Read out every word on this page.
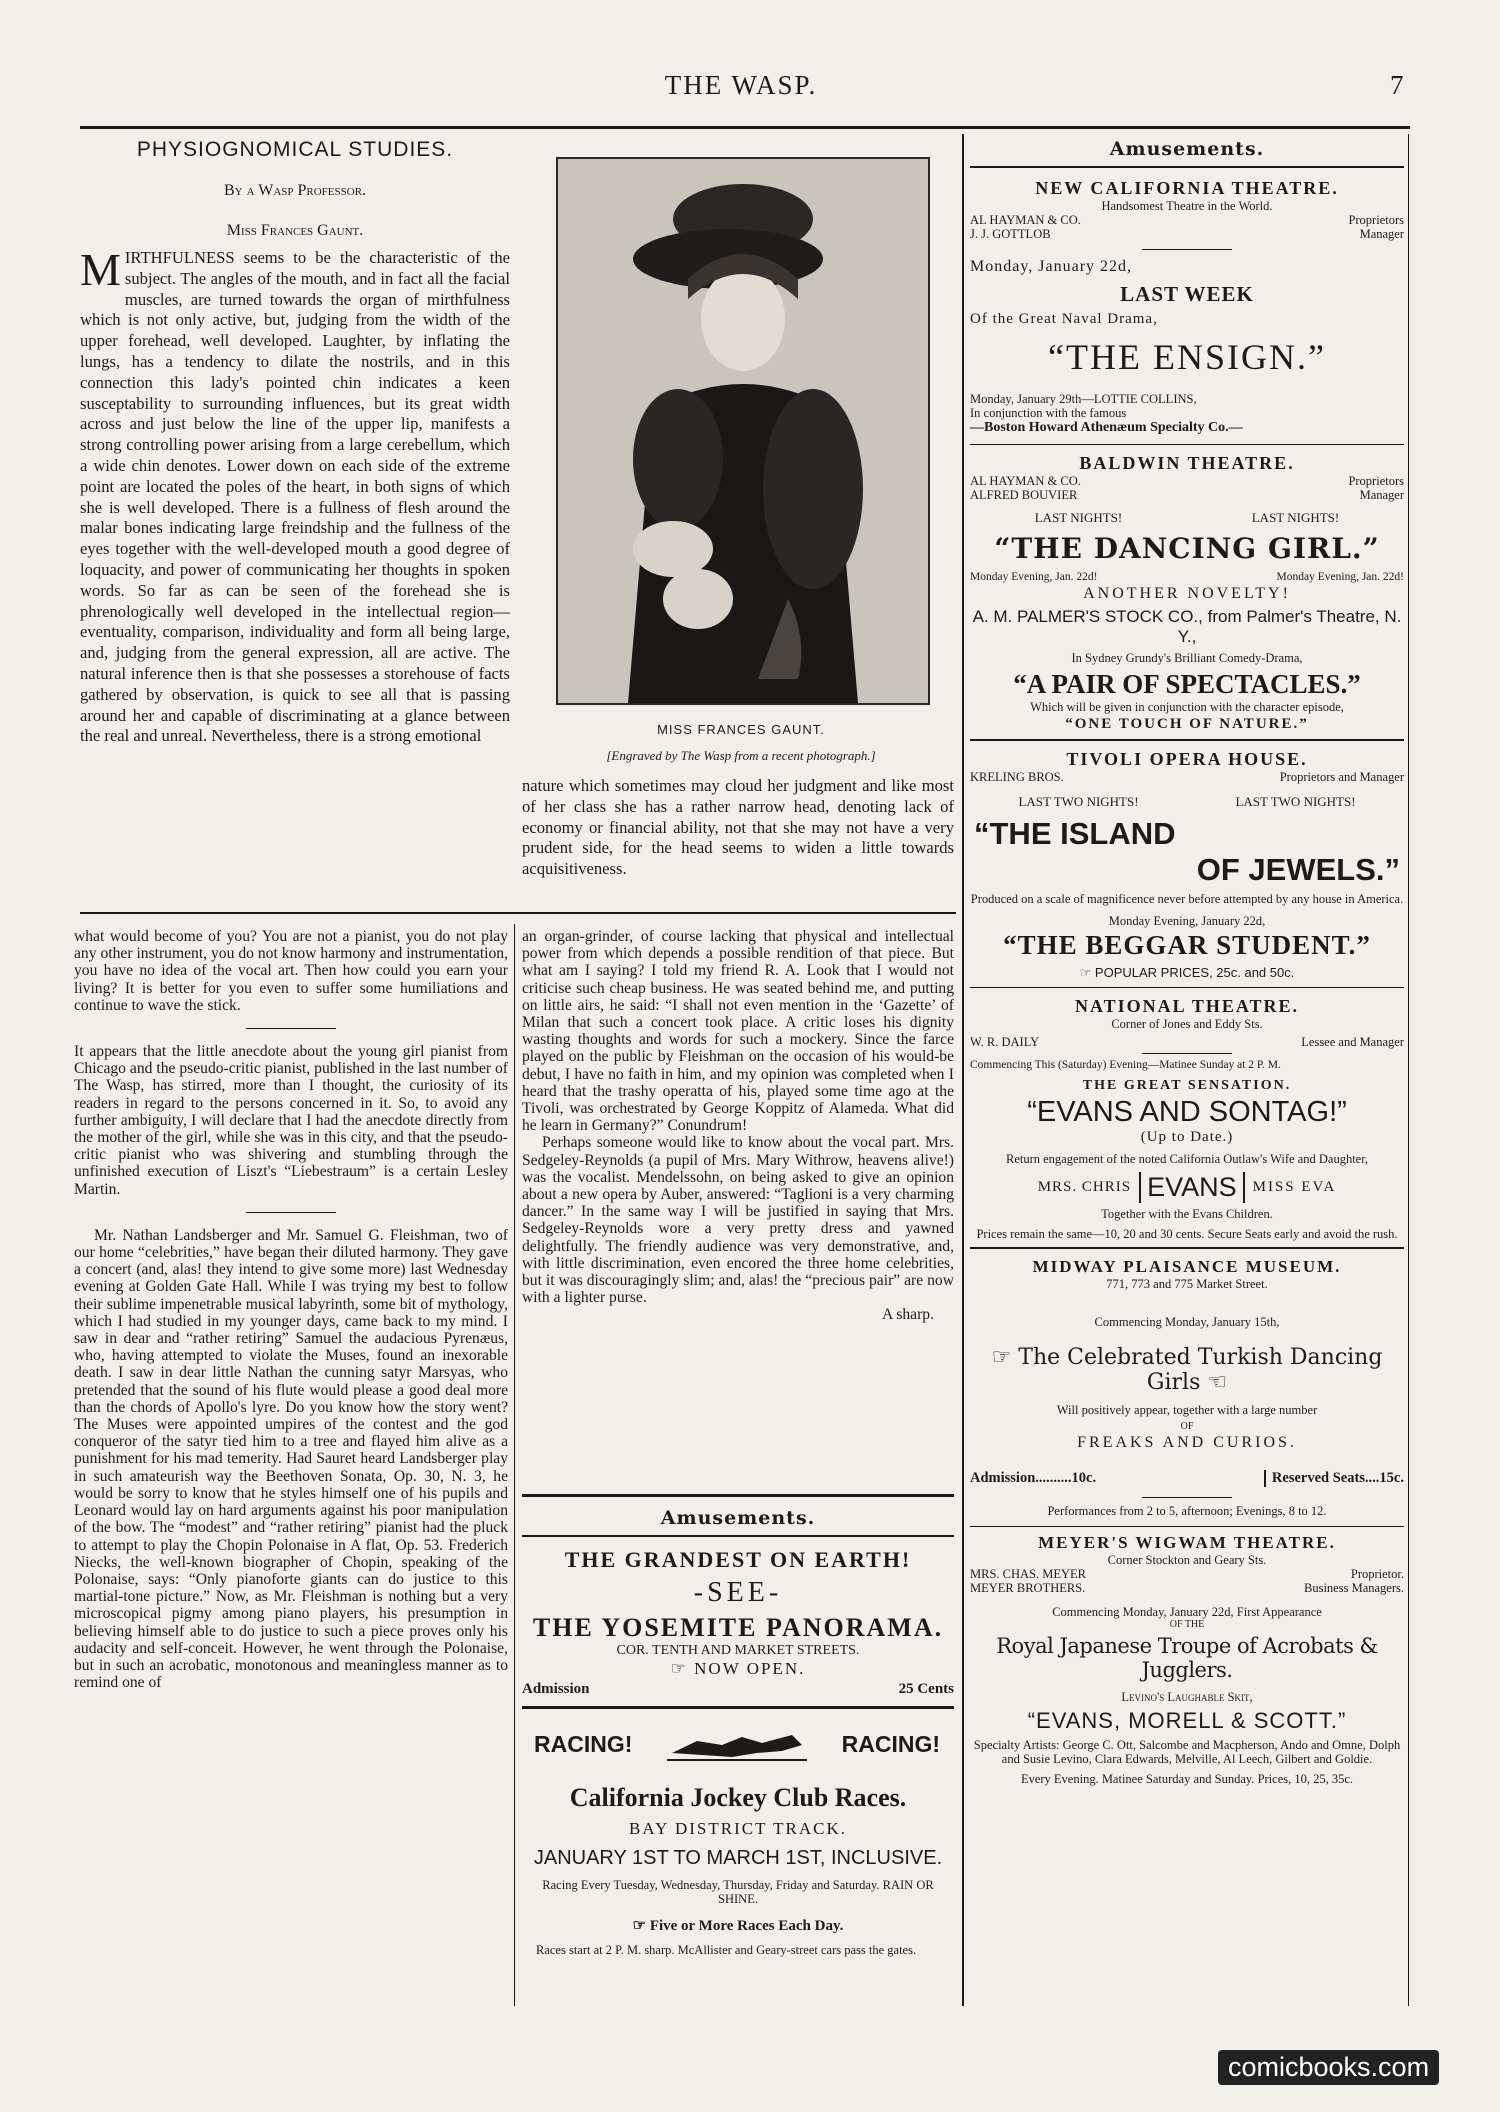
THE WASP.	7
PHYSIOGNOMICAL STUDIES.
By a Wasp Professor.
Miss Frances Gaunt.

MIRTHFULNESS seems to be the characteristic of the subject. The angles of the mouth, and in fact all the facial muscles, are turned towards the organ of mirthfulness which is not only active, but, judging from the width of the upper forehead, well developed. Laughter, by inflating the lungs, has a tendency to dilate the nostrils, and in this connection this lady's pointed chin indicates a keen susceptability to surrounding influences, but its great width across and just below the line of the upper lip, manifests a strong controlling power arising from a large cerebellum, which a wide chin denotes. Lower down on each side of the extreme point are located the poles of the heart, in both signs of which she is well developed. There is a fullness of flesh around the malar bones indicating large freindship and the fullness of the eyes together with the well-developed mouth a good degree of loquacity, and power of communicating her thoughts in spoken words. So far as can be seen of the forehead she is phrenologically well developed in the intellectual region—eventuality, comparison, individuality and form all being large, and, judging from the general expression, all are active. The natural inference then is that she possesses a storehouse of facts gathered by observation, is quick to see all that is passing around her and capable of discriminating at a glance between the real and unreal. Nevertheless, there is a strong emotional	MISS FRANCES GAUNT.
[Engraved by The Wasp from a recent photograph.]
nature which sometimes may cloud her judgment and like most of her class she has a rather narrow head, denoting lack of economy or financial ability, not that she may not have a very prudent side, for the head seems to widen a little towards acquisitiveness.

what would become of you? You are not a pianist, you do not play any other instrument, you do not know harmony and instrumentation, you have no idea of the vocal art. Then how could you earn your living? It is better for you even to suffer some humiliations and continue to wave the stick.

It appears that the little anecdote about the young girl pianist from Chicago and the pseudo-critic pianist, published in the last number of The Wasp, has stirred, more than I thought, the curiosity of its readers in regard to the persons concerned in it. So, to avoid any further ambiguity, I will declare that I had the anecdote directly from the mother of the girl, while she was in this city, and that the pseudo-critic pianist who was shivering and stumbling through the unfinished execution of Liszt's “Liebestraum” is a certain Lesley Martin.

Mr. Nathan Landsberger and Mr. Samuel G. Fleishman, two of our home “celebrities,” have began their diluted harmony. They gave a concert (and, alas! they intend to give some more) last Wednesday evening at Golden Gate Hall. While I was trying my best to follow their sublime impenetrable musical labyrinth, some bit of mythology, which I had studied in my younger days, came back to my mind. I saw in dear and “rather retiring” Samuel the audacious Pyrenæus, who, having attempted to violate the Muses, found an inexorable death. I saw in dear little Nathan the cunning satyr Marsyas, who pretended that the sound of his flute would please a good deal more than the chords of Apollo's lyre. Do you know how the story went? The Muses were appointed umpires of the contest and the god conqueror of the satyr tied him to a tree and flayed him alive as a punishment for his mad temerity. Had Sauret heard Landsberger play in such amateurish way the Beethoven Sonata, Op. 30, N. 3, he would be sorry to know that he styles himself one of his pupils and Leonard would lay on hard arguments against his poor manipulation of the bow. The “modest” and “rather retiring” pianist had the pluck to attempt to play the Chopin Polonaise in A flat, Op. 53. Frederich Niecks, the well-known biographer of Chopin, speaking of the Polonaise, says: “Only pianoforte giants can do justice to this martial-tone picture.” Now, as Mr. Fleishman is nothing but a very microscopical pigmy among piano players, his presumption in believing himself able to do justice to such a piece proves only his audacity and self-conceit. However, he went through the Polonaise, but in such an acrobatic, monotonous and meaningless manner as to remind one of

an organ-grinder, of course lacking that physical and intellectual power from which depends a possible rendition of that piece. But what am I saying? I told my friend R. A. Look that I would not criticise such cheap business. He was seated behind me, and putting on little airs, he said: “I shall not even mention in the ‘Gazette’ of Milan that such a concert took place. A critic loses his dignity wasting thoughts and words for such a mockery. Since the farce played on the public by Fleishman on the occasion of his would-be debut, I have no faith in him, and my opinion was completed when I heard that the trashy operatta of his, played some time ago at the Tivoli, was orchestrated by George Koppitz of Alameda. What did he learn in Germany?” Conundrum!

Perhaps someone would like to know about the vocal part. Mrs. Sedgeley-Reynolds (a pupil of Mrs. Mary Withrow, heavens alive!) was the vocalist. Mendelssohn, on being asked to give an opinion about a new opera by Auber, answered: “Taglioni is a very charming dancer.” In the same way I will be justified in saying that Mrs. Sedgeley-Reynolds wore a very pretty dress and yawned delightfully. The friendly audience was very demonstrative, and, with little discrimination, even encored the three home celebrities, but it was discouragingly slim; and, alas! the “precious pair” are now with a lighter purse.

A sharp.

Amusements.
THE GRANDEST ON EARTH!
-SEE-
THE YOSEMITE PANORAMA.
COR. TENTH AND MARKET STREETS.
☞ NOW OPEN.
Admission	25 Cents
RACING!	RACING!
California Jockey Club Races.
BAY DISTRICT TRACK.
JANUARY 1ST TO MARCH 1ST, INCLUSIVE.
Racing Every Tuesday, Wednesday, Thursday, Friday and Saturday. RAIN OR SHINE.
☞ Five or More Races Each Day.
Races start at 2 P. M. sharp. McAllister and Geary-street cars pass the gates.
Amusements.
NEW CALIFORNIA THEATRE.
Handsomest Theatre in the World.
AL HAYMAN & CO.	Proprietors
J. J. GOTTLOB	Manager
Monday, January 22d,
LAST WEEK
Of the Great Naval Drama,
“THE ENSIGN.”
Monday, January 29th—LOTTIE COLLINS,
In conjunction with the famous
—Boston Howard Athenæum Specialty Co.—
BALDWIN THEATRE.
AL HAYMAN & CO.	Proprietors
ALFRED BOUVIER	Manager
LAST NIGHTS!	LAST NIGHTS!
“THE DANCING GIRL.”
Monday Evening, Jan. 22d!	Monday Evening, Jan. 22d!
ANOTHER NOVELTY!
A. M. PALMER'S STOCK CO., from Palmer's Theatre, N. Y.,
In Sydney Grundy's Brilliant Comedy-Drama,
“A PAIR OF SPECTACLES.”
Which will be given in conjunction with the character episode,
“ONE TOUCH OF NATURE.”
TIVOLI OPERA HOUSE.
KRELING BROS.	Proprietors and Manager
LAST TWO NIGHTS!	LAST TWO NIGHTS!
“THE ISLAND
OF JEWELS.”
Produced on a scale of magnificence never before attempted by any house in America.
Monday Evening, January 22d,
“THE BEGGAR STUDENT.”
☞ POPULAR PRICES, 25c. and 50c.
NATIONAL THEATRE.
Corner of Jones and Eddy Sts.
W. R. DAILY	Lessee and Manager
Commencing This (Saturday) Evening—Matinee Sunday at 2 P. M.
THE GREAT SENSATION.
“EVANS AND SONTAG!”
(Up to Date.)
Return engagement of the noted California Outlaw's Wife and Daughter,
MRS. CHRIS EVANS	MISS EVA
Together with the Evans Children.
Prices remain the same—10, 20 and 30 cents. Secure Seats early and avoid the rush.
MIDWAY PLAISANCE MUSEUM.
771, 773 and 775 Market Street.
Commencing Monday, January 15th,
☞ The Celebrated Turkish Dancing Girls ☜
Will positively appear, together with a large number
OF
FREAKS AND CURIOS.
Admission..........10c.	Reserved Seats....15c.
Performances from 2 to 5, afternoon; Evenings, 8 to 12.
MEYER'S WIGWAM THEATRE.
Corner Stockton and Geary Sts.
MRS. CHAS. MEYER	Proprietor.
MEYER BROTHERS.	Business Managers.
Commencing Monday, January 22d, First Appearance
OF THE
Royal Japanese Troupe of Acrobats & Jugglers.
Levino's Laughable Skit,
“EVANS, MORELL & SCOTT.”
Specialty Artists: George C. Ott, Salcombe and Macpherson, Ando and Omne, Dolph and Susie Levino, Clara Edwards, Melville, Al Leech, Gilbert and Goldie.
Every Evening. Matinee Saturday and Sunday. Prices, 10, 25, 35c.
comicbooks.com
